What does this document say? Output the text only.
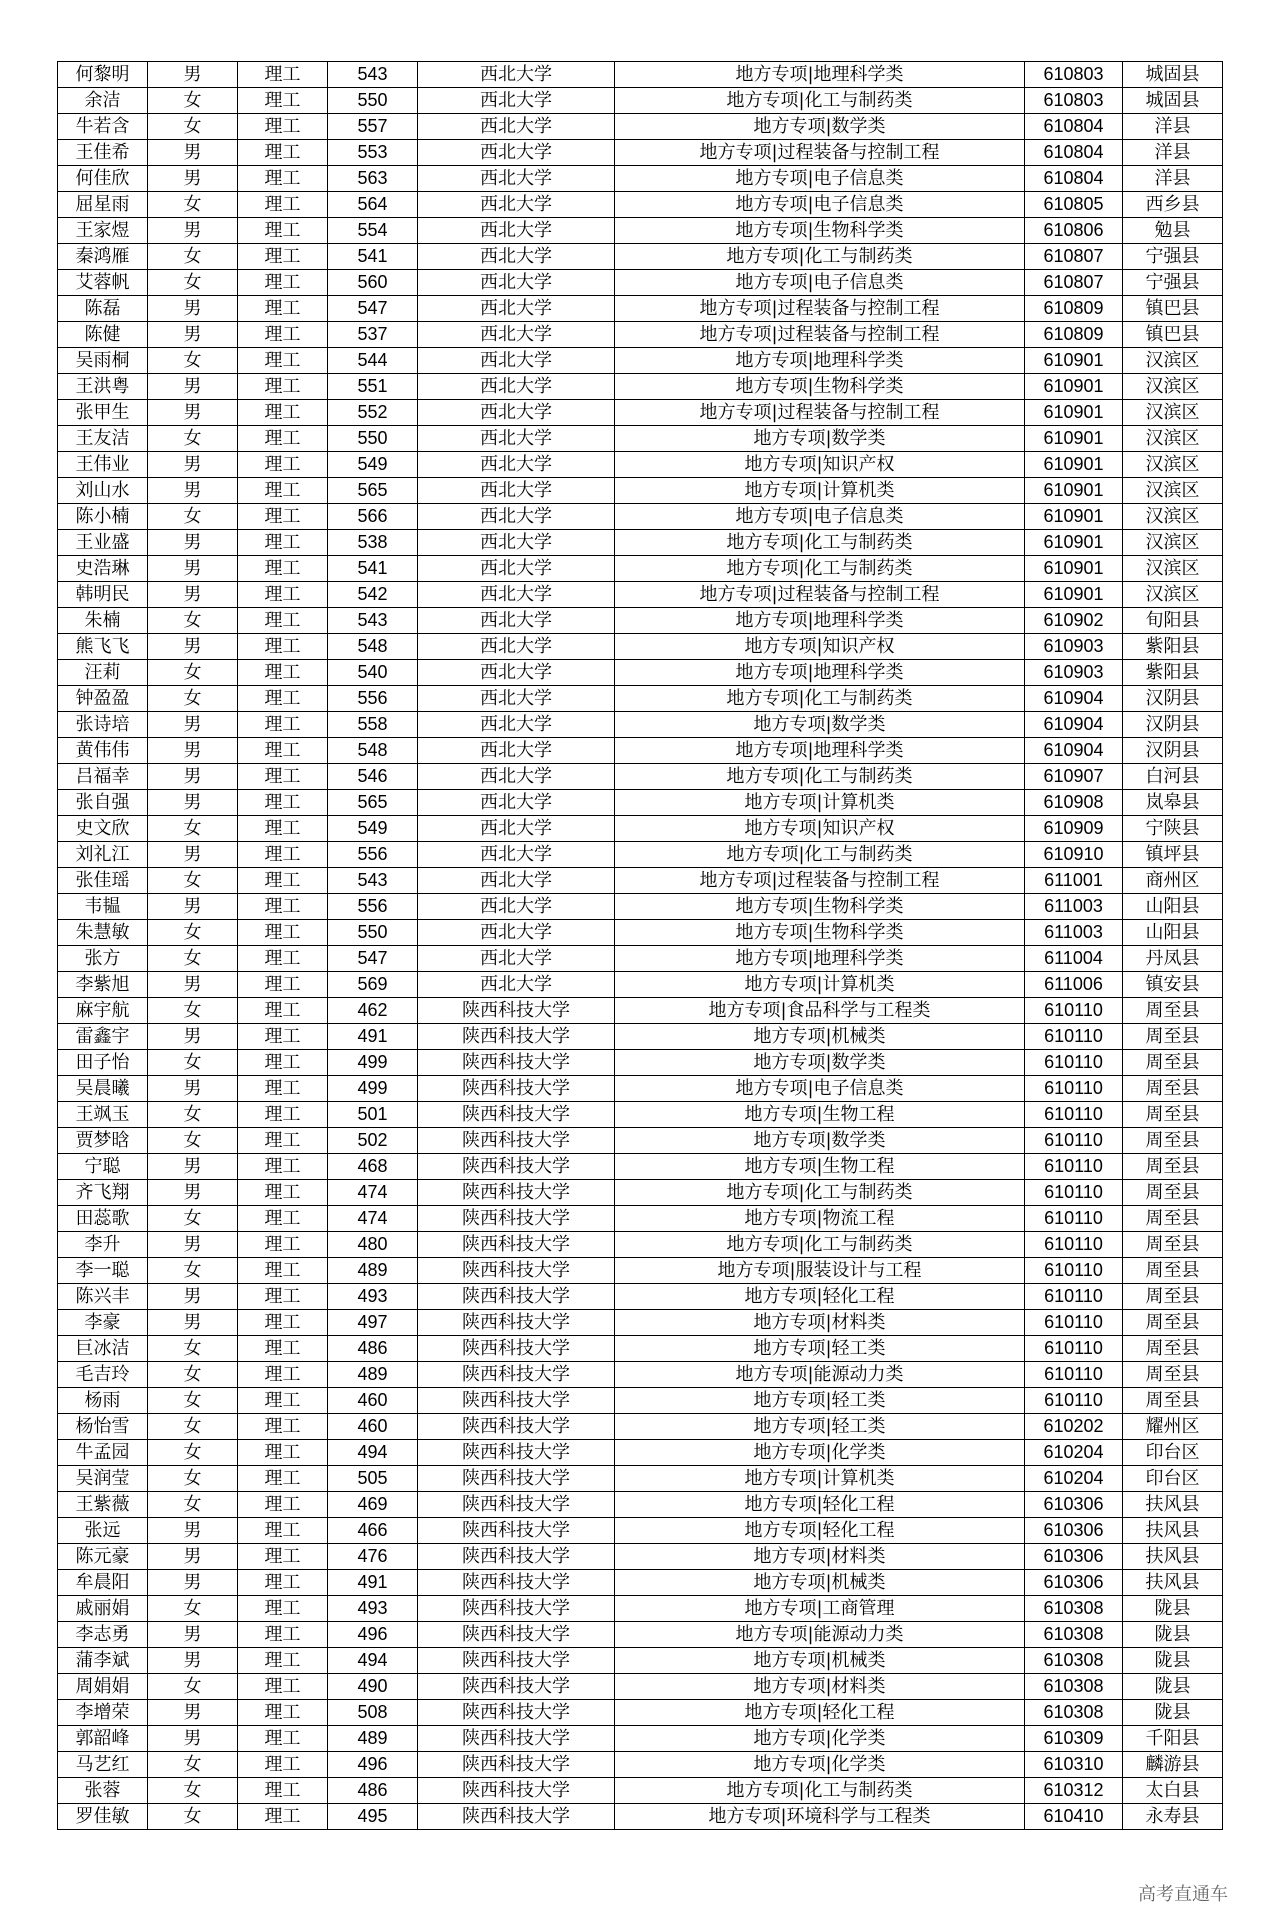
何黎明	男	理工	543	西北大学	地方专项|地理科学类	610803	城固县
余洁	女	理工	550	西北大学	地方专项|化工与制药类	610803	城固县
牛若含	女	理工	557	西北大学	地方专项|数学类	610804	洋县
王佳希	男	理工	553	西北大学	地方专项|过程装备与控制工程	610804	洋县
何佳欣	男	理工	563	西北大学	地方专项|电子信息类	610804	洋县
屈星雨	女	理工	564	西北大学	地方专项|电子信息类	610805	西乡县
王家煜	男	理工	554	西北大学	地方专项|生物科学类	610806	勉县
秦鸿雁	女	理工	541	西北大学	地方专项|化工与制药类	610807	宁强县
艾蓉帆	女	理工	560	西北大学	地方专项|电子信息类	610807	宁强县
陈磊	男	理工	547	西北大学	地方专项|过程装备与控制工程	610809	镇巴县
陈健	男	理工	537	西北大学	地方专项|过程装备与控制工程	610809	镇巴县
吴雨桐	女	理工	544	西北大学	地方专项|地理科学类	610901	汉滨区
王洪粤	男	理工	551	西北大学	地方专项|生物科学类	610901	汉滨区
张甲生	男	理工	552	西北大学	地方专项|过程装备与控制工程	610901	汉滨区
王友洁	女	理工	550	西北大学	地方专项|数学类	610901	汉滨区
王伟业	男	理工	549	西北大学	地方专项|知识产权	610901	汉滨区
刘山水	男	理工	565	西北大学	地方专项|计算机类	610901	汉滨区
陈小楠	女	理工	566	西北大学	地方专项|电子信息类	610901	汉滨区
王业盛	男	理工	538	西北大学	地方专项|化工与制药类	610901	汉滨区
史浩琳	男	理工	541	西北大学	地方专项|化工与制药类	610901	汉滨区
韩明民	男	理工	542	西北大学	地方专项|过程装备与控制工程	610901	汉滨区
朱楠	女	理工	543	西北大学	地方专项|地理科学类	610902	旬阳县
熊飞飞	男	理工	548	西北大学	地方专项|知识产权	610903	紫阳县
汪莉	女	理工	540	西北大学	地方专项|地理科学类	610903	紫阳县
钟盈盈	女	理工	556	西北大学	地方专项|化工与制药类	610904	汉阴县
张诗培	男	理工	558	西北大学	地方专项|数学类	610904	汉阴县
黄伟伟	男	理工	548	西北大学	地方专项|地理科学类	610904	汉阴县
吕福幸	男	理工	546	西北大学	地方专项|化工与制药类	610907	白河县
张自强	男	理工	565	西北大学	地方专项|计算机类	610908	岚皋县
史文欣	女	理工	549	西北大学	地方专项|知识产权	610909	宁陕县
刘礼江	男	理工	556	西北大学	地方专项|化工与制药类	610910	镇坪县
张佳瑶	女	理工	543	西北大学	地方专项|过程装备与控制工程	611001	商州区
韦韫	男	理工	556	西北大学	地方专项|生物科学类	611003	山阳县
朱慧敏	女	理工	550	西北大学	地方专项|生物科学类	611003	山阳县
张方	女	理工	547	西北大学	地方专项|地理科学类	611004	丹凤县
李紫旭	男	理工	569	西北大学	地方专项|计算机类	611006	镇安县
麻宇航	女	理工	462	陕西科技大学	地方专项|食品科学与工程类	610110	周至县
雷鑫宇	男	理工	491	陕西科技大学	地方专项|机械类	610110	周至县
田子怡	女	理工	499	陕西科技大学	地方专项|数学类	610110	周至县
吴晨曦	男	理工	499	陕西科技大学	地方专项|电子信息类	610110	周至县
王飒玉	女	理工	501	陕西科技大学	地方专项|生物工程	610110	周至县
贾梦晗	女	理工	502	陕西科技大学	地方专项|数学类	610110	周至县
宁聪	男	理工	468	陕西科技大学	地方专项|生物工程	610110	周至县
齐飞翔	男	理工	474	陕西科技大学	地方专项|化工与制药类	610110	周至县
田蕊歌	女	理工	474	陕西科技大学	地方专项|物流工程	610110	周至县
李升	男	理工	480	陕西科技大学	地方专项|化工与制药类	610110	周至县
李一聪	女	理工	489	陕西科技大学	地方专项|服装设计与工程	610110	周至县
陈兴丰	男	理工	493	陕西科技大学	地方专项|轻化工程	610110	周至县
李豪	男	理工	497	陕西科技大学	地方专项|材料类	610110	周至县
巨冰洁	女	理工	486	陕西科技大学	地方专项|轻工类	610110	周至县
毛吉玲	女	理工	489	陕西科技大学	地方专项|能源动力类	610110	周至县
杨雨	女	理工	460	陕西科技大学	地方专项|轻工类	610110	周至县
杨怡雪	女	理工	460	陕西科技大学	地方专项|轻工类	610202	耀州区
牛孟园	女	理工	494	陕西科技大学	地方专项|化学类	610204	印台区
吴润莹	女	理工	505	陕西科技大学	地方专项|计算机类	610204	印台区
王紫薇	女	理工	469	陕西科技大学	地方专项|轻化工程	610306	扶风县
张远	男	理工	466	陕西科技大学	地方专项|轻化工程	610306	扶风县
陈元豪	男	理工	476	陕西科技大学	地方专项|材料类	610306	扶风县
牟晨阳	男	理工	491	陕西科技大学	地方专项|机械类	610306	扶风县
戚丽娟	女	理工	493	陕西科技大学	地方专项|工商管理	610308	陇县
李志勇	男	理工	496	陕西科技大学	地方专项|能源动力类	610308	陇县
蒲李斌	男	理工	494	陕西科技大学	地方专项|机械类	610308	陇县
周娟娟	女	理工	490	陕西科技大学	地方专项|材料类	610308	陇县
李增荣	男	理工	508	陕西科技大学	地方专项|轻化工程	610308	陇县
郭韶峰	男	理工	489	陕西科技大学	地方专项|化学类	610309	千阳县
马艺红	女	理工	496	陕西科技大学	地方专项|化学类	610310	麟游县
张蓉	女	理工	486	陕西科技大学	地方专项|化工与制药类	610312	太白县
罗佳敏	女	理工	495	陕西科技大学	地方专项|环境科学与工程类	610410	永寿县
高考直通车
